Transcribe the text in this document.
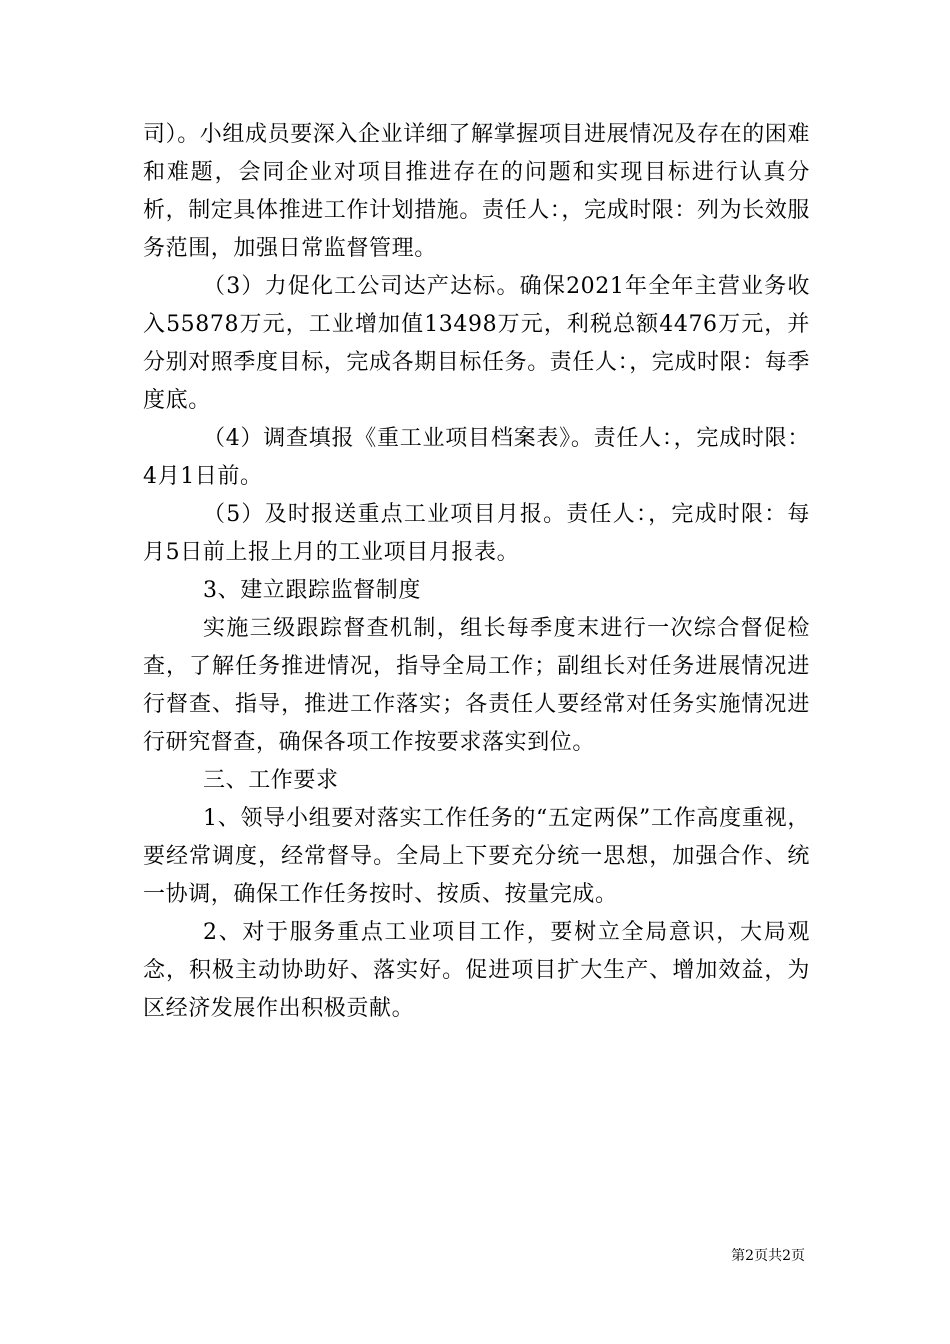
司）。小组成员要深入企业详细了解掌握项目进展情况及存在的困难和难题，会同企业对项目推进存在的问题和实现目标进行认真分析，制定具体推进工作计划措施。责任人：，完成时限：列为长效服务范围，加强日常监督管理。

（3）力促化工公司达产达标。确保2021年全年主营业务收入55878万元，工业增加值13498万元，利税总额4476万元，并分别对照季度目标，完成各期目标任务。责任人：，完成时限：每季度底。

（4）调查填报《重工业项目档案表》。责任人：，完成时限：4月1日前。

（5）及时报送重点工业项目月报。责任人：，完成时限：每月5日前上报上月的工业项目月报表。

3、建立跟踪监督制度

实施三级跟踪督查机制，组长每季度末进行一次综合督促检查，了解任务推进情况，指导全局工作；副组长对任务进展情况进行督查、指导，推进工作落实；各责任人要经常对任务实施情况进行研究督查，确保各项工作按要求落实到位。

三、工作要求

1、领导小组要对落实工作任务的“五定两保”工作高度重视，要经常调度，经常督导。全局上下要充分统一思想，加强合作、统一协调，确保工作任务按时、按质、按量完成。

2、对于服务重点工业项目工作，要树立全局意识，大局观念，积极主动协助好、落实好。促进项目扩大生产、增加效益，为区经济发展作出积极贡献。

第2页共2页
